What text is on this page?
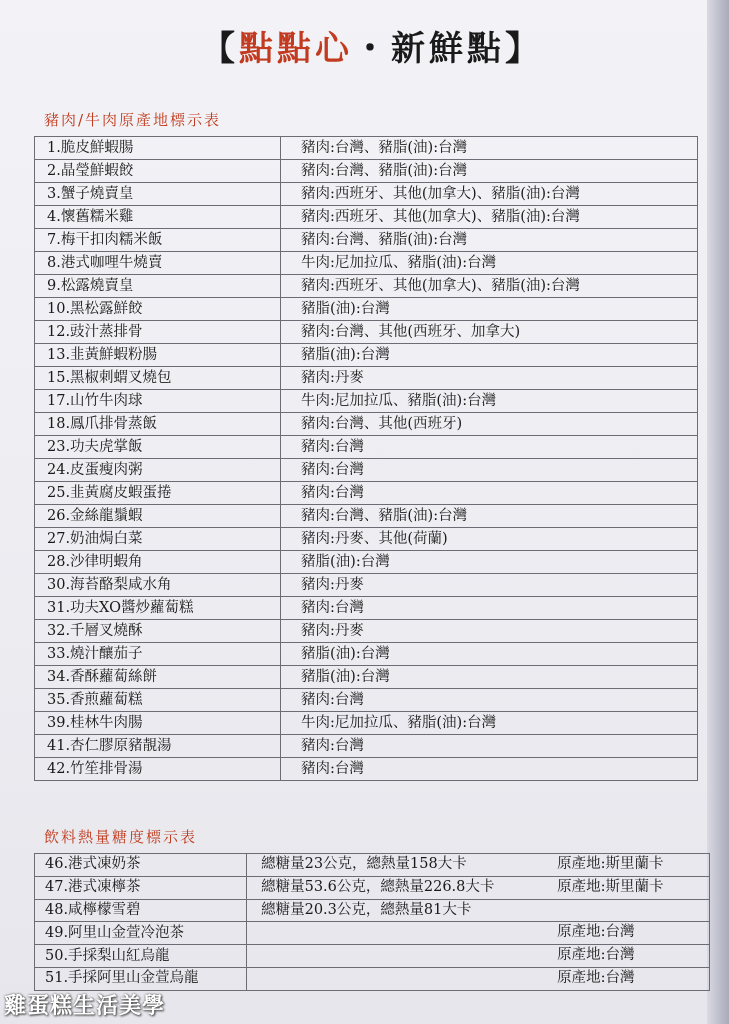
【 點點心 ・ 新鮮點 】
豬肉/牛肉原產地標示表
1.脆皮鮮蝦腸	豬肉:台灣、豬脂(油):台灣
2.晶瑩鮮蝦餃	豬肉:台灣、豬脂(油):台灣
3.蟹子燒賣皇	豬肉:西班牙、其他(加拿大)、豬脂(油):台灣
4.懷舊糯米雞	豬肉:西班牙、其他(加拿大)、豬脂(油):台灣
7.梅干扣肉糯米飯	豬肉:台灣、豬脂(油):台灣
8.港式咖哩牛燒賣	牛肉:尼加拉瓜、豬脂(油):台灣
9.松露燒賣皇	豬肉:西班牙、其他(加拿大)、豬脂(油):台灣
10.黑松露鮮餃	豬脂(油):台灣
12.豉汁蒸排骨	豬肉:台灣、其他(西班牙、加拿大)
13.韭黃鮮蝦粉腸	豬脂(油):台灣
15.黑椒刺蝟叉燒包	豬肉:丹麥
17.山竹牛肉球	牛肉:尼加拉瓜、豬脂(油):台灣
18.鳳爪排骨蒸飯	豬肉:台灣、其他(西班牙)
23.功夫虎掌飯	豬肉:台灣
24.皮蛋瘦肉粥	豬肉:台灣
25.韭黃腐皮蝦蛋捲	豬肉:台灣
26.金絲龍鬚蝦	豬肉:台灣、豬脂(油):台灣
27.奶油焗白菜	豬肉:丹麥、其他(荷蘭)
28.沙律明蝦角	豬脂(油):台灣
30.海苔酪梨咸水角	豬肉:丹麥
31.功夫XO醬炒蘿蔔糕	豬肉:台灣
32.千層叉燒酥	豬肉:丹麥
33.燒汁釀茄子	豬脂(油):台灣
34.香酥蘿蔔絲餅	豬脂(油):台灣
35.香煎蘿蔔糕	豬肉:台灣
39.桂林牛肉腸	牛肉:尼加拉瓜、豬脂(油):台灣
41.杏仁膠原豬靚湯	豬肉:台灣
42.竹笙排骨湯	豬肉:台灣
飲料熱量糖度標示表
46.港式凍奶茶	總糖量23公克，總熱量158大卡 原產地:斯里蘭卡

47.港式凍檸茶	總糖量53.6公克，總熱量226.8大卡 原產地:斯里蘭卡

48.咸檸檬雪碧	總糖量20.3公克，總熱量81大卡

49.阿里山金萱冷泡茶	原產地:台灣

50.手採梨山紅烏龍	原產地:台灣

51.手採阿里山金萱烏龍	原產地:台灣
雞蛋糕生活美學
